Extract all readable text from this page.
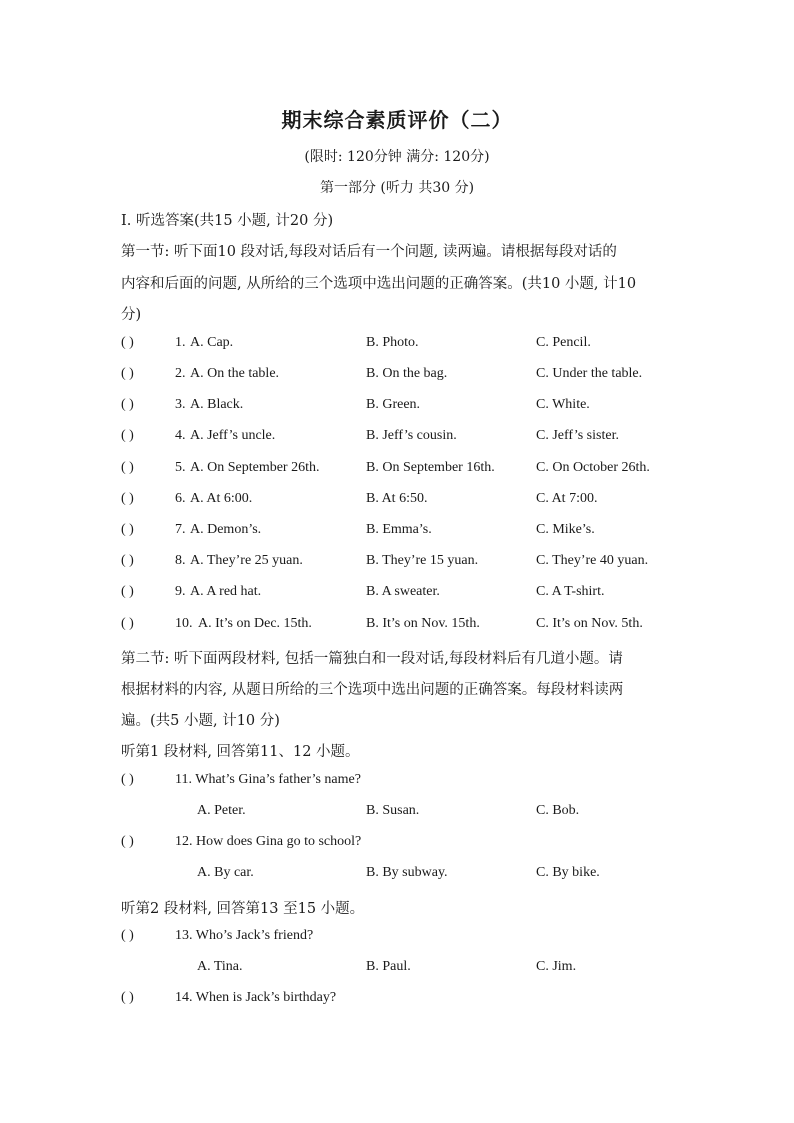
期末综合素质评价（二）
(限时: 120分钟 满分: 120分)
第一部分 (听力 共30 分)
I. 听选答案(共15 小题, 计20 分)
第一节: 听下面10 段对话,每段对话后有一个问题, 读两遍。请根据每段对话的
内容和后面的问题, 从所给的三个选项中选出问题的正确答案。(共10 小题, 计10
分)
( )	1. A. Cap.	B. Photo.	C. Pencil.
( )	2. A. On the table.	B. On the bag.	C. Under the table.
( )	3. A. Black.	B. Green.	C. White.
( )	4. A. Jeff’s uncle.	B. Jeff’s cousin.	C. Jeff’s sister.
( )	5. A. On September 26th.	B. On September 16th.	C. On October 26th.
( )	6. A. At 6:00.	B. At 6:50.	C. At 7:00.
( )	7. A. Demon’s.	B. Emma’s.	C. Mike’s.
( )	8. A. They’re 25 yuan.	B. They’re 15 yuan.	C. They’re 40 yuan.
( )	9. A. A red hat.	B. A sweater.	C. A T-shirt.
( )	10. A. It’s on Dec. 15th.	B. It’s on Nov. 15th.	C. It’s on Nov. 5th.
第二节: 听下面两段材料, 包括一篇独白和一段对话,每段材料后有几道小题。请
根据材料的内容, 从题日所给的三个选项中选出问题的正确答案。每段材料读两
遍。(共5 小题, 计10 分)
听第1 段材料, 回答第11、12 小题。
( )	11. What’s Gina’s father’s name?
A. Peter.	B. Susan.	C. Bob.
( )	12. How does Gina go to school?
A. By car.	B. By subway.	C. By bike.
听第2 段材料, 回答第13 至15 小题。
( )	13. Who’s Jack’s friend?
A. Tina.	B. Paul.	C. Jim.
( )	14. When is Jack’s birthday?
